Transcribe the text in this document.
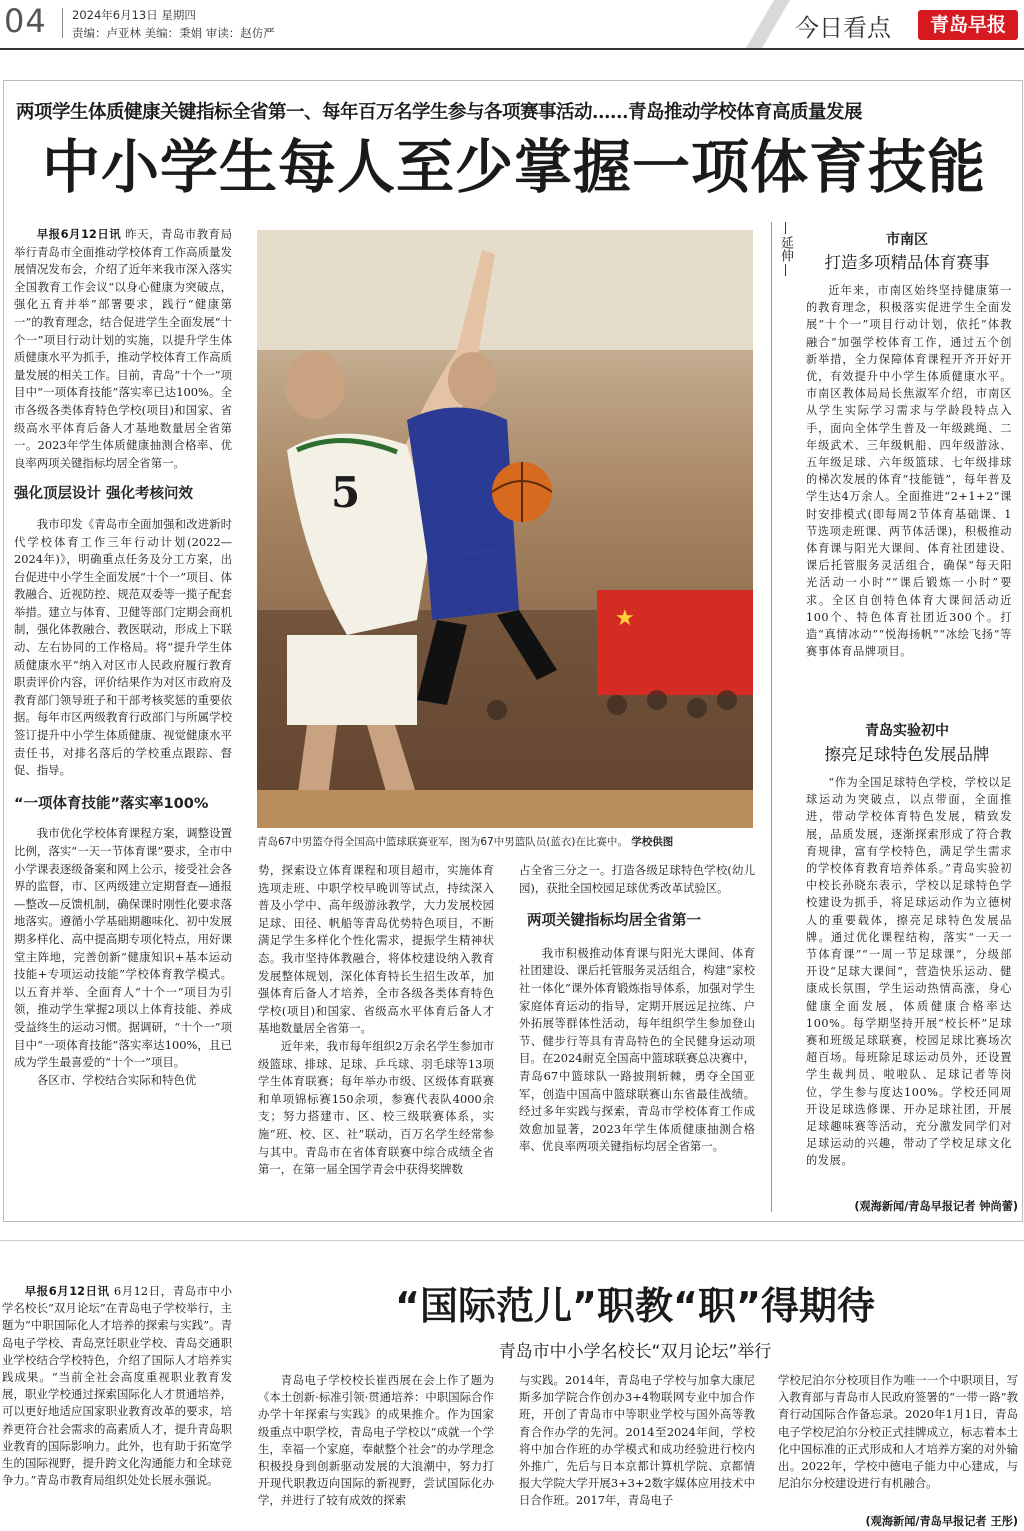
04 2024年6月13日 星期四
责编：卢亚林 美编：秉娟 审读：赵仿严	今日看点	青岛早报
两项学生体质健康关键指标全省第一、每年百万名学生参与各项赛事活动……青岛推动学校体育高质量发展
中小学生每人至少掌握一项体育技能

早报6月12日讯 昨天，青岛市教育局举行青岛市全面推动学校体育工作高质量发展情况发布会，介绍了近年来我市深入落实全国教育工作会议“以身心健康为突破点，强化五育并举”部署要求，践行“健康第一”的教育理念，结合促进学生全面发展“十个一”项目行动计划的实施，以提升学生体质健康水平为抓手，推动学校体育工作高质量发展的相关工作。目前，青岛“十个一”项目中“一项体育技能”落实率已达100%。全市各级各类体育特色学校(项目)和国家、省级高水平体育后备人才基地数量居全省第一。2023年学生体质健康抽测合格率、优良率两项关键指标均居全省第一。

强化顶层设计 强化考核问效

我市印发《青岛市全面加强和改进新时代学校体育工作三年行动计划(2022—2024年)》，明确重点任务及分工方案，出台促进中小学生全面发展“十个一”项目、体教融合、近视防控、规范双委等一揽子配套举措。建立与体育、卫健等部门定期会商机制，强化体教融合、教医联动，形成上下联动、左右协同的工作格局。将“提升学生体质健康水平”纳入对区市人民政府履行教育职责评价内容，评价结果作为对区市政府及教育部门领导班子和干部考核奖惩的重要依据。每年市区两级教育行政部门与所属学校签订提升中小学生体质健康、视觉健康水平责任书，对排名落后的学校重点跟踪、督促、指导。

“一项体育技能”落实率100%

我市优化学校体育课程方案，调整设置比例，落实“一天一节体育课”要求，全市中小学课表逐级备案和网上公示，接受社会各界的监督，市、区两级建立定期督查—通报—整改—反馈机制，确保课时刚性化要求落地落实。遵循小学基础期趣味化、初中发展期多样化、高中提高期专项化特点，用好课堂主阵地，完善创新“健康知识+基本运动技能+专项运动技能”学校体育教学模式。以五育并举、全面育人“十个一”项目为引领，推动学生掌握2项以上体育技能、养成受益终生的运动习惯。据调研，“十个一”项目中“一项体育技能”落实率达100%，且已成为学生最喜爱的“十个一”项目。

各区市、学校结合实际和特色优

★
5
青岛67中男篮夺得全国高中篮球联赛亚军，图为67中男篮队员(蓝衣)在比赛中。 学校供图

势，探索设立体育课程和项目超市，实施体育选项走班、中职学校早晚训等试点，持续深入普及小学中、高年级游泳教学，大力发展校园足球、田径、帆船等青岛优势特色项目，不断满足学生多样化个性化需求，提振学生精神状态。我市坚持体教融合，将体校建设纳入教育发展整体规划，深化体育特长生招生改革，加强体育后备人才培养，全市各级各类体育特色学校(项目)和国家、省级高水平体育后备人才基地数量居全省第一。

近年来，我市每年组织2万余名学生参加市级篮球、排球、足球、乒乓球、羽毛球等13项学生体育联赛；每年举办市级、区级体育联赛和单项锦标赛150余项，参赛代表队4000余支；努力搭建市、区、校三级联赛体系，实施“班、校、区、社”联动，百万名学生经常参与其中。青岛市在省体育联赛中综合成绩全省第一，在第一届全国学青会中获得奖牌数

占全省三分之一。打造各级足球特色学校(幼儿园)，获批全国校园足球优秀改革试验区。

两项关键指标均居全省第一

我市积极推动体育课与阳光大课间、体育社团建设、课后托管服务灵活组合，构建“家校社一体化”课外体育锻炼指导体系，加强对学生家庭体育运动的指导，定期开展远足拉练、户外拓展等群体性活动，每年组织学生参加登山节、健步行等具有青岛特色的全民健身运动项目。在2024耐克全国高中篮球联赛总决赛中，青岛67中篮球队一路披荆斩棘，勇夺全国亚军，创造中国高中篮球联赛山东省最佳战绩。经过多年实践与探索，青岛市学校体育工作成效愈加显著，2023年学生体质健康抽测合格率、优良率两项关键指标均居全省第一。

延伸	市南区
打造多项精品体育赛事

近年来，市南区始终坚持健康第一的教育理念，积极落实促进学生全面发展“十个一”项目行动计划，依托“体教融合”加强学校体育工作，通过五个创新举措，全力保障体育课程开齐开好开优，有效提升中小学生体质健康水平。市南区教体局局长焦淑军介绍，市南区从学生实际学习需求与学龄段特点入手，面向全体学生普及一年级跳绳、二年级武术、三年级帆船、四年级游泳、五年级足球、六年级篮球、七年级排球的梯次发展的体育“技能链”，每年普及学生达4万余人。全面推进“2+1+2”课时安排模式(即每周2节体育基础课、1节选项走班课、两节体活课)，积极推动体育课与阳光大课间、体育社团建设、课后托管服务灵活组合，确保“每天阳光活动一小时”“课后锻炼一小时”要求。全区自创特色体育大课间活动近100个、特色体育社团近300个。打造“真情冰动”“悦海扬帆”“冰绘飞扬”等赛事体育品牌项目。

青岛实验初中
擦亮足球特色发展品牌

“作为全国足球特色学校，学校以足球运动为突破点，以点带面，全面推进，带动学校体育特色发展，精致发展，品质发展，逐渐探索形成了符合教育规律，富有学校特色，满足学生需求的学校体育教育培养体系。”青岛实验初中校长孙晓东表示，学校以足球特色学校建设为抓手，将足球运动作为立德树人的重要载体，擦亮足球特色发展品牌。通过优化课程结构，落实“一天一节体育课”“一周一节足球课”，分级部开设“足球大课间”，营造快乐运动、健康成长氛围，学生运动热情高涨，身心健康全面发展，体质健康合格率达100%。每学期坚持开展“校长杯”足球赛和班级足球联赛，校园足球比赛场次超百场。每班除足球运动员外，还设置学生裁判员、啦啦队、足球记者等岗位，学生参与度达100%。学校还同周开设足球选修课、开办足球社团，开展足球趣味赛等活动，充分激发同学们对足球运动的兴趣，带动了学校足球文化的发展。

(观海新闻/青岛早报记者 钟尚蕾)
“国际范儿”职教“职”得期待
青岛市中小学名校长“双月论坛”举行

早报6月12日讯 6月12日，青岛市中小学名校长“双月论坛”在青岛电子学校举行，主题为“中职国际化人才培养的探索与实践”。青岛电子学校、青岛烹饪职业学校、青岛交通职业学校结合学校特色，介绍了国际人才培养实践成果。“当前全社会高度重视职业教育发展，职业学校通过探索国际化人才贯通培养，可以更好地适应国家职业教育改革的要求，培养更符合社会需求的高素质人才，提升青岛职业教育的国际影响力。此外，也有助于拓宽学生的国际视野，提升跨文化沟通能力和全球竞争力。”青岛市教育局组织处处长展永强说。

青岛电子学校校长崔西展在会上作了题为《本土创新·标准引领·贯通培养：中职国际合作办学十年探索与实践》的成果推介。作为国家级重点中职学校，青岛电子学校以“成就一个学生，幸福一个家庭，奉献整个社会”的办学理念积极投身到创新驱动发展的大浪潮中，努力打开现代职教迈向国际的新视野，尝试国际化办学，并进行了较有成效的探索

与实践。2014年，青岛电子学校与加拿大康尼斯多加学院合作创办3+4物联网专业中加合作班，开创了青岛市中等职业学校与国外高等教育合作办学的先河。2014至2024年间，学校将中加合作班的办学模式和成功经验进行校内外推广，先后与日本京都计算机学院、京都情报大学院大学开展3+3+2数字媒体应用技术中日合作班。2017年，青岛电子

学校尼泊尔分校项目作为唯一一个中职项目，写入教育部与青岛市人民政府签署的“一带一路”教育行动国际合作备忘录。2020年1月1日，青岛电子学校尼泊尔分校正式挂牌成立，标志着本土化中国标准的正式形成和人才培养方案的对外输出。2022年，学校中德电子能力中心建成，与尼泊尔分校建设进行有机融合。

(观海新闻/青岛早报记者 王彤)
